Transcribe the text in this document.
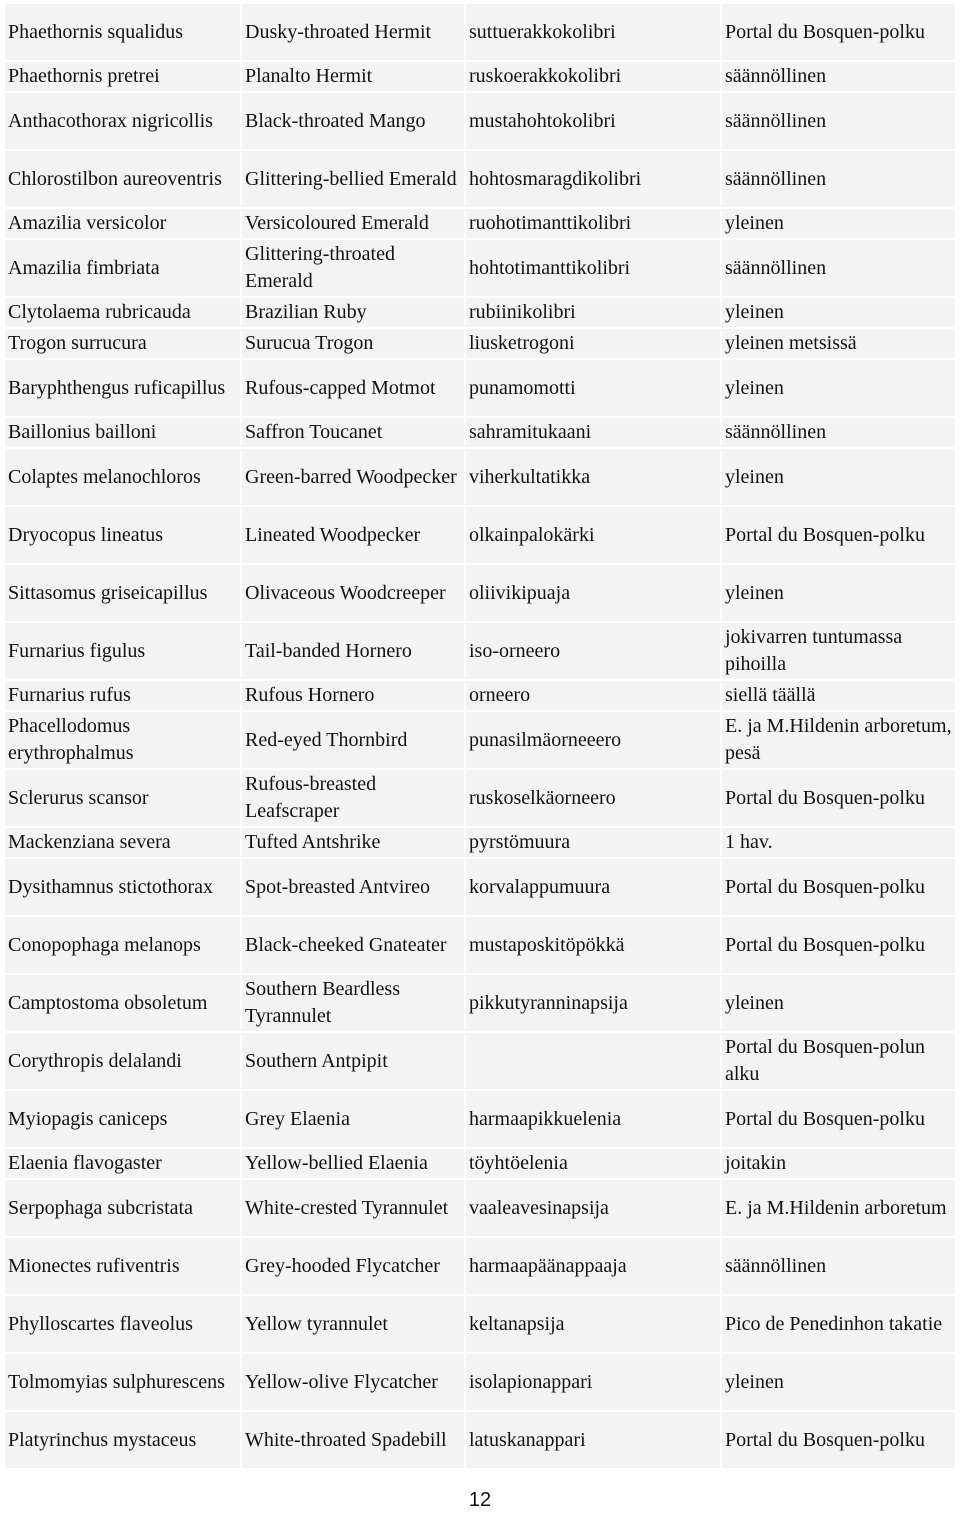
Phaethornis squalidus	Dusky-throated Hermit	suttuerakkokolibri	Portal du Bosquen-polku
Phaethornis pretrei	Planalto Hermit	ruskoerakkokolibri	säännöllinen
Anthacothorax nigricollis	Black-throated Mango	mustahohtokolibri	säännöllinen
Chlorostilbon aureoventris	Glittering-bellied Emerald	hohtosmaragdikolibri	säännöllinen
Amazilia versicolor	Versicoloured Emerald	ruohotimanttikolibri	yleinen
Amazilia fimbriata	Glittering-throated Emerald	hohtotimanttikolibri	säännöllinen
Clytolaema rubricauda	Brazilian Ruby	rubiinikolibri	yleinen
Trogon surrucura	Surucua Trogon	liusketrogoni	yleinen metsissä
Baryphthengus ruficapillus	Rufous-capped Motmot	punamomotti	yleinen
Baillonius bailloni	Saffron Toucanet	sahramitukaani	säännöllinen
Colaptes melanochloros	Green-barred Woodpecker	viherkultatikka	yleinen
Dryocopus lineatus	Lineated Woodpecker	olkainpalokärki	Portal du Bosquen-polku
Sittasomus griseicapillus	Olivaceous Woodcreeper	oliivikipuaja	yleinen
Furnarius figulus	Tail-banded Hornero	iso-orneero	jokivarren tuntumassa pihoilla
Furnarius rufus	Rufous Hornero	orneero	siellä täällä
Phacellodomus erythrophalmus	Red-eyed Thornbird	punasilmäorneeero	E. ja M.Hildenin arboretum, pesä
Sclerurus scansor	Rufous-breasted Leafscraper	ruskoselkäorneero	Portal du Bosquen-polku
Mackenziana severa	Tufted Antshrike	pyrstömuura	1 hav.
Dysithamnus stictothorax	Spot-breasted Antvireo	korvalappumuura	Portal du Bosquen-polku
Conopophaga melanops	Black-cheeked Gnateater	mustaposkitöpökkä	Portal du Bosquen-polku
Camptostoma obsoletum	Southern Beardless Tyrannulet	pikkutyranninapsija	yleinen
Corythropis delalandi	Southern Antpipit		Portal du Bosquen-polun alku
Myiopagis caniceps	Grey Elaenia	harmaapikkuelenia	Portal du Bosquen-polku
Elaenia flavogaster	Yellow-bellied Elaenia	töyhtöelenia	joitakin
Serpophaga subcristata	White-crested Tyrannulet	vaaleavesinapsija	E. ja M.Hildenin arboretum
Mionectes rufiventris	Grey-hooded Flycatcher	harmaapäänappaaja	säännöllinen
Phylloscartes flaveolus	Yellow tyrannulet	keltanapsija	Pico de Penedinhon takatie
Tolmomyias sulphurescens	Yellow-olive Flycatcher	isolapionappari	yleinen
Platyrinchus mystaceus	White-throated Spadebill	latuskanappari	Portal du Bosquen-polku
12
